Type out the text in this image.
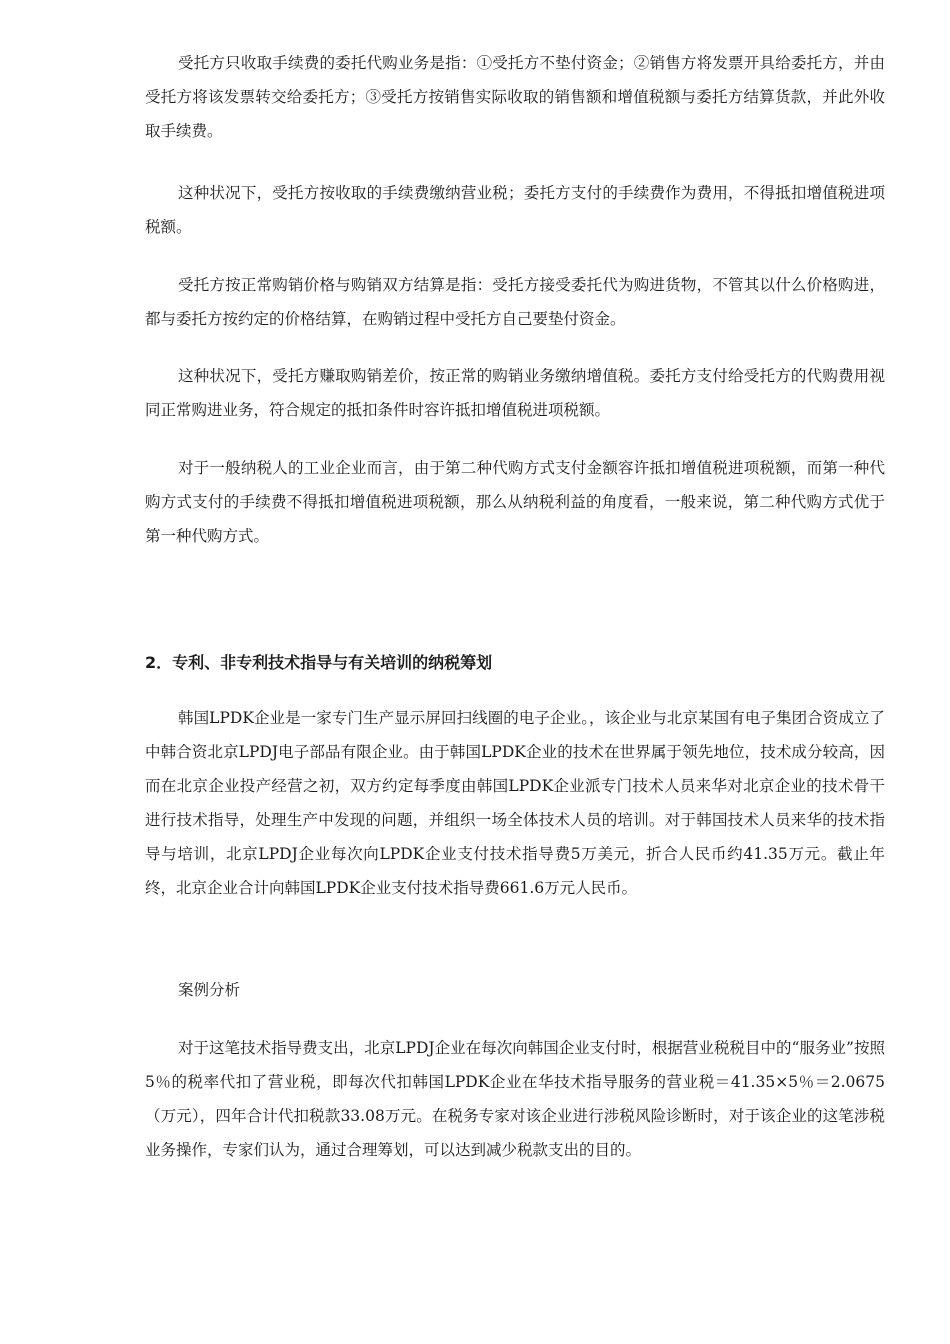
受托方只收取手续费的委托代购业务是指：①受托方不垫付资金；②销售方将发票开具给委托方，并由受托方将该发票转交给委托方；③受托方按销售实际收取的销售额和增值税额与委托方结算货款，并此外收取手续费。

这种状况下，受托方按收取的手续费缴纳营业税；委托方支付的手续费作为费用，不得抵扣增值税进项税额。

受托方按正常购销价格与购销双方结算是指：受托方接受委托代为购进货物，不管其以什么价格购进，都与委托方按约定的价格结算，在购销过程中受托方自己要垫付资金。

这种状况下，受托方赚取购销差价，按正常的购销业务缴纳增值税。委托方支付给受托方的代购费用视同正常购进业务，符合规定的抵扣条件时容许抵扣增值税进项税额。

对于一般纳税人的工业企业而言，由于第二种代购方式支付金额容许抵扣增值税进项税额，而第一种代购方式支付的手续费不得抵扣增值税进项税额，那么从纳税利益的角度看，一般来说，第二种代购方式优于第一种代购方式。

2．专利、非专利技术指导与有关培训的纳税筹划

韩国LPDK企业是一家专门生产显示屏回扫线圈的电子企业。，该企业与北京某国有电子集团合资成立了中韩合资北京LPDJ电子部品有限企业。由于韩国LPDK企业的技术在世界属于领先地位，技术成分较高，因而在北京企业投产经营之初，双方约定每季度由韩国LPDK企业派专门技术人员来华对北京企业的技术骨干进行技术指导，处理生产中发现的问题，并组织一场全体技术人员的培训。对于韩国技术人员来华的技术指导与培训，北京LPDJ企业每次向LPDK企业支付技术指导费5万美元，折合人民币约41.35万元。截止年终，北京企业合计向韩国LPDK企业支付技术指导费661.6万元人民币。

案例分析

对于这笔技术指导费支出，北京LPDJ企业在每次向韩国企业支付时，根据营业税税目中的“服务业”按照5％的税率代扣了营业税，即每次代扣韩国LPDK企业在华技术指导服务的营业税＝41.35×5％＝2.0675（万元），四年合计代扣税款33.08万元。在税务专家对该企业进行涉税风险诊断时，对于该企业的这笔涉税业务操作，专家们认为，通过合理筹划，可以达到减少税款支出的目的。
